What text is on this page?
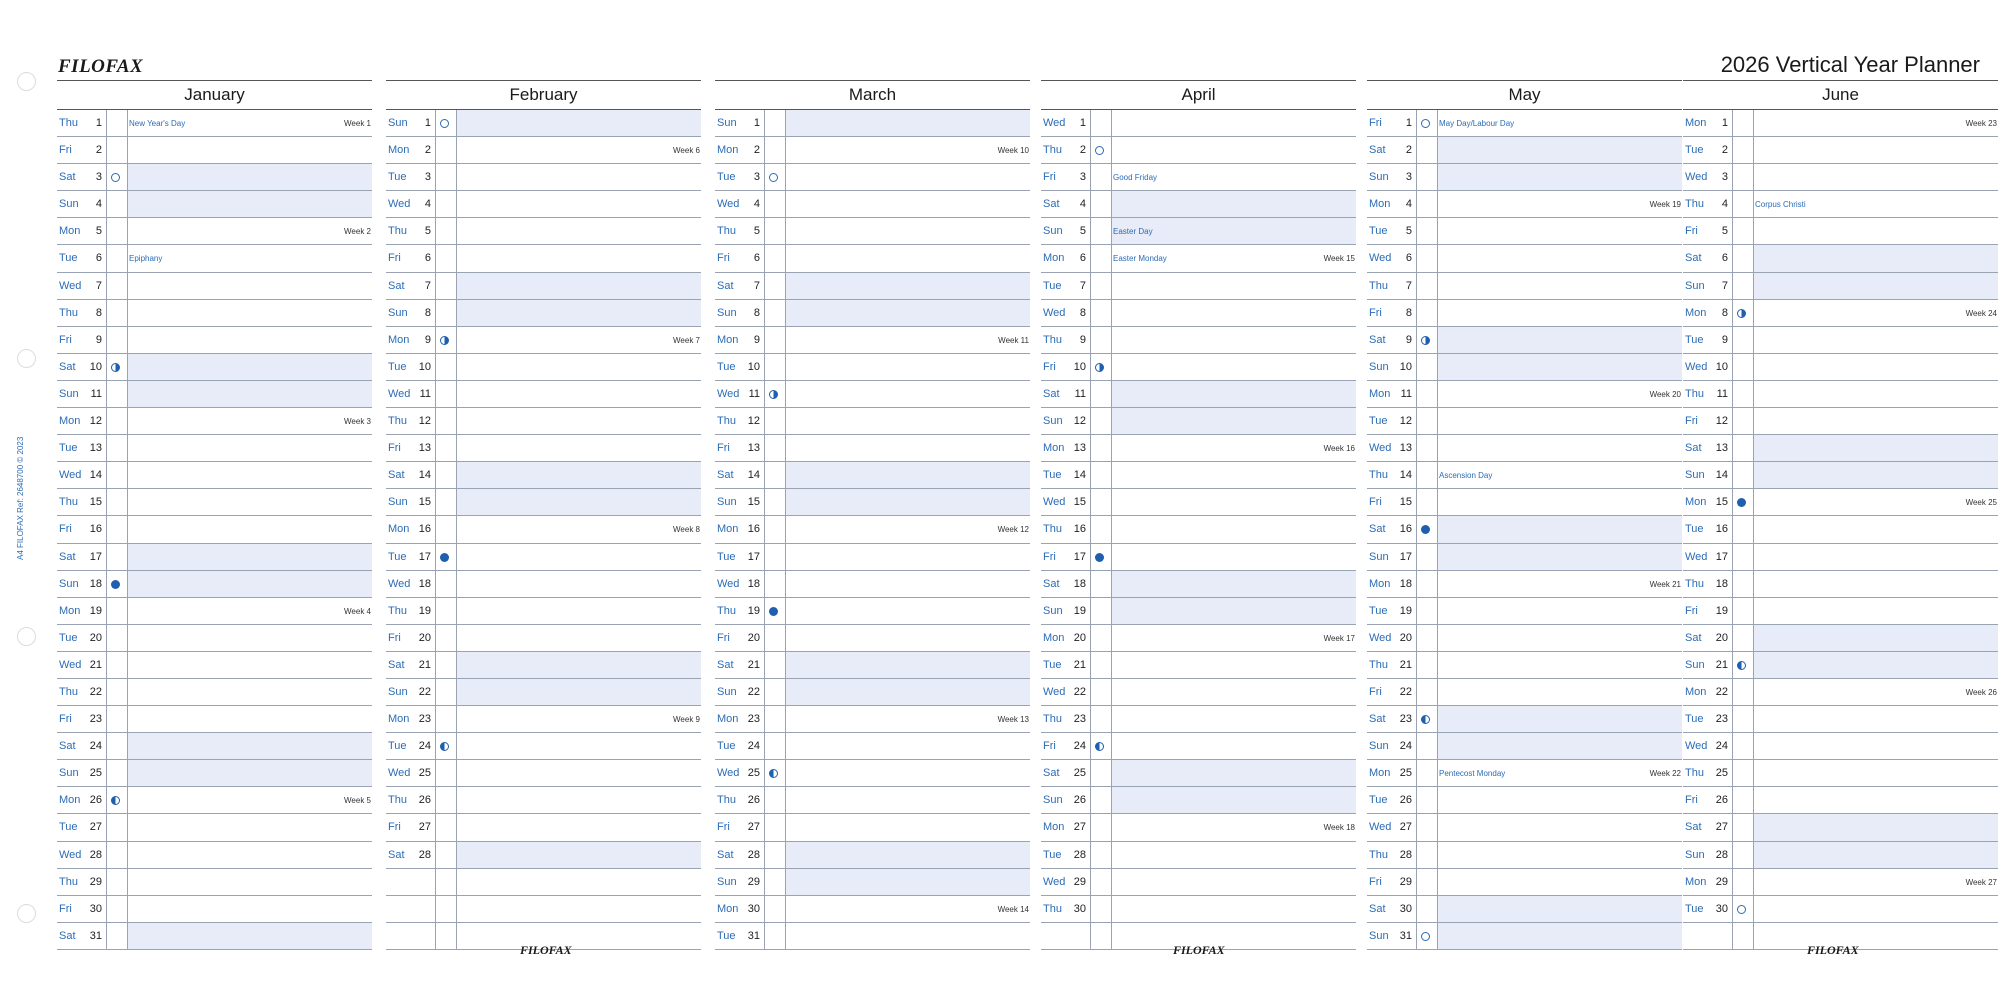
A4 FILOFAX Ref: 2648700 © 2023
FILOFAX	2026 Vertical Year Planner
January
Thu	1	New Year's Day	Week 1
Fri	2
Sat	3
Sun	4
Mon	5	Week 2
Tue	6	Epiphany
Wed	7
Thu	8
Fri	9
Sat	10
Sun	11
Mon 12	Week 3
Tue	13
Wed 14
Thu	15
Fri	16
Sat	17
Sun	18
Mon 19	Week 4
Tue	20
Wed 21
Thu	22
Fri	23
Sat	24
Sun	25
Mon 26	Week 5
Tue	27
Wed 28
Thu	29
Fri	30
Sat	31
February
Sun	1
Mon	2	Week 6
Tue	3
Wed	4
Thu	5
Fri	6
Sat	7
Sun	8
Mon	9	Week 7
Tue	10
Wed 11
Thu	12
Fri	13
Sat	14
Sun	15
Mon 16	Week 8
Tue	17
Wed 18
Thu	19
Fri	20
Sat	21
Sun	22
Mon 23	Week 9
Tue	24
Wed 25
Thu	26
Fri	27
Sat	28
March
Sun	1
Mon	2	Week 10
Tue	3
Wed	4
Thu	5
Fri	6
Sat	7
Sun	8
Mon	9	Week 11
Tue	10
Wed 11
Thu	12
Fri	13
Sat	14
Sun	15
Mon 16	Week 12
Tue	17
Wed 18
Thu	19
Fri	20
Sat	21
Sun	22
Mon 23	Week 13
Tue	24
Wed 25
Thu	26
Fri	27
Sat	28
Sun	29
Mon 30	Week 14
Tue	31
April
Wed	1
Thu	2
Fri	3	Good Friday
Sat	4
Sun	5	Easter Day
Mon	6	Easter Monday	Week 15
Tue	7
Wed	8
Thu	9
Fri	10
Sat	11
Sun	12
Mon 13	Week 16
Tue	14
Wed 15
Thu	16
Fri	17
Sat	18
Sun	19
Mon 20	Week 17
Tue	21
Wed 22
Thu	23
Fri	24
Sat	25
Sun	26
Mon 27	Week 18
Tue	28
Wed 29
Thu	30
May
Fri	1	May Day/Labour Day
Sat	2
Sun	3
Mon	4	Week 19
Tue	5
Wed	6
Thu	7
Fri	8
Sat	9
Sun	10
Mon 11	Week 20
Tue	12
Wed 13
Thu	14	Ascension Day
Fri	15
Sat	16
Sun	17
Mon 18	Week 21
Tue	19
Wed 20
Thu	21
Fri	22
Sat	23
Sun	24
Mon 25	Pentecost Monday	Week 22
Tue	26
Wed 27
Thu	28
Fri	29
Sat	30
Sun	31
June
Mon	1	Week 23
Tue	2
Wed	3
Thu	4	Corpus Christi
Fri	5
Sat	6
Sun	7
Mon	8	Week 24
Tue	9
Wed 10
Thu	11
Fri	12
Sat	13
Sun	14
Mon 15	Week 25
Tue	16
Wed 17
Thu	18
Fri	19
Sat	20
Sun	21
Mon 22	Week 26
Tue	23
Wed 24
Thu	25
Fri	26
Sat	27
Sun	28
Mon 29	Week 27
Tue	30
FILOFAX	FILOFAX	FILOFAX
